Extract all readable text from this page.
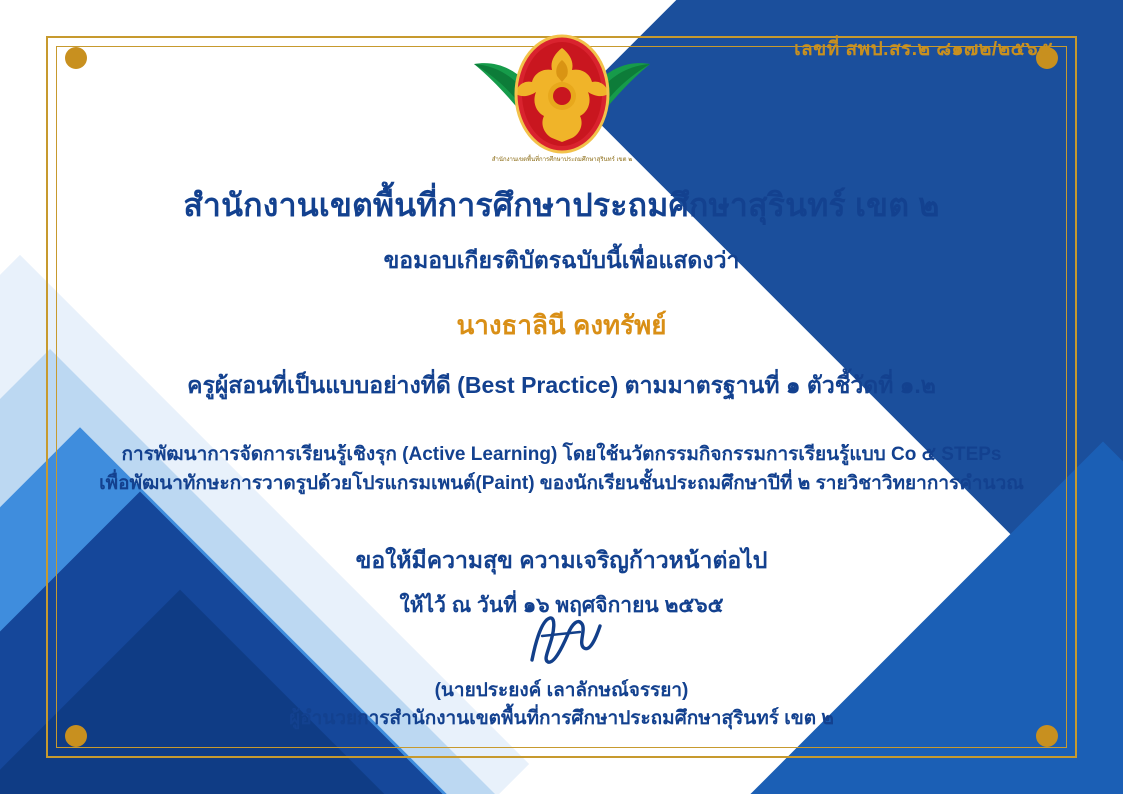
เลขที่ สพป.สร.๒ ๘๑๗๒/๒๕๖๕
สำนักงานเขตพื้นที่การศึกษาประถมศึกษาสุรินทร์ เขต ๒
สำนักงานเขตพื้นที่การศึกษาประถมศึกษาสุรินทร์ เขต ๒
ขอมอบเกียรติบัตรฉบับนี้เพื่อแสดงว่า
นางธาลินี คงทรัพย์
ครูผู้สอนที่เป็นแบบอย่างที่ดี (Best Practice) ตามมาตรฐานที่ ๑ ตัวชี้วัดที่ ๑.๒
การพัฒนาการจัดการเรียนรู้เชิงรุก (Active Learning) โดยใช้นวัตกรรมกิจกรรมการเรียนรู้แบบ Co ๕ STEPs
เพื่อพัฒนาทักษะการวาดรูปด้วยโปรแกรมเพนต์(Paint) ของนักเรียนชั้นประถมศึกษาปีที่ ๒ รายวิชาวิทยาการคำนวณ
ขอให้มีความสุข ความเจริญก้าวหน้าต่อไป
ให้ไว้ ณ วันที่ ๑๖ พฤศจิกายน ๒๕๖๕
(นายประยงค์ เลาลักษณ์จรรยา)
ผู้อำนวยการสำนักงานเขตพื้นที่การศึกษาประถมศึกษาสุรินทร์ เขต ๒
